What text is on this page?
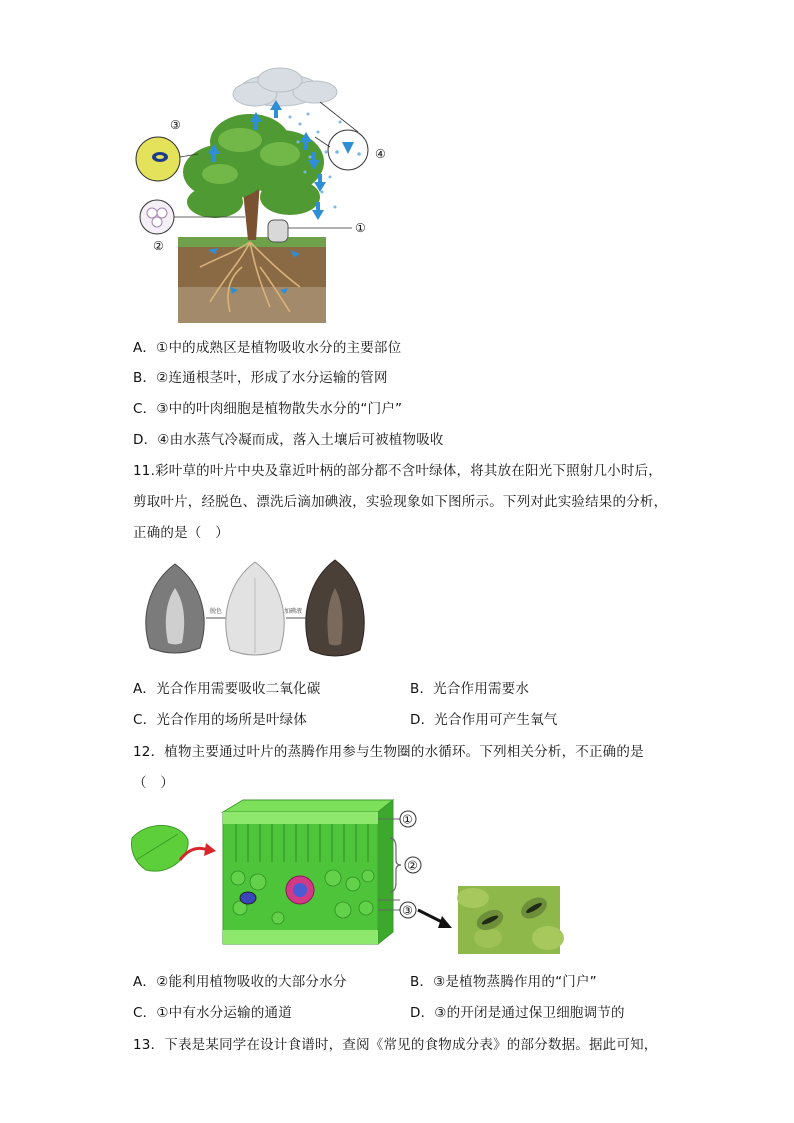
③
②
①
④
A．①中的成熟区是植物吸收水分的主要部位
B．②连通根茎叶，形成了水分运输的管网
C．③中的叶肉细胞是植物散失水分的“门户”
D．④由水蒸气冷凝而成，落入土壤后可被植物吸收
11.彩叶草的叶片中央及靠近叶柄的部分都不含叶绿体，将其放在阳光下照射几小时后，
剪取叶片，经脱色、漂洗后滴加碘液，实验现象如下图所示。下列对此实验结果的分析，
正确的是（　）
脱色	加碘液
A．光合作用需要吸收二氧化碳	B．光合作用需要水
C．光合作用的场所是叶绿体	D．光合作用可产生氧气
12．植物主要通过叶片的蒸腾作用参与生物圈的水循环。下列相关分析，不正确的是
（　）
①
②
③
A．②能利用植物吸收的大部分水分	B．③是植物蒸腾作用的“门户”
C．①中有水分运输的通道	D．③的开闭是通过保卫细胞调节的
13．下表是某同学在设计食谱时，查阅《常见的食物成分表》的部分数据。据此可知，
